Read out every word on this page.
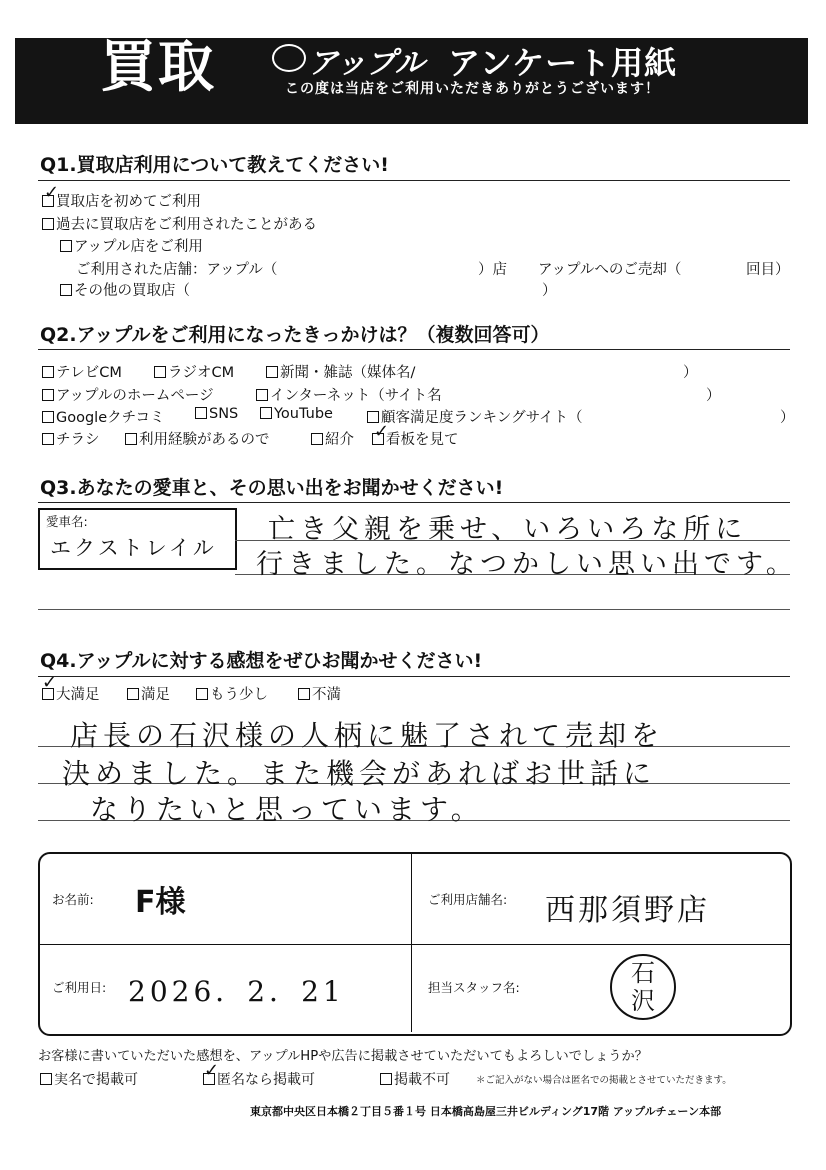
買取	アップル アンケート用紙
この度は当店をご利用いただきありがとうございます！
Q1.買取店利用について教えてください!
買取店を初めてご利用
✓
過去に買取店をご利用されたことがある
アップル店をご利用
ご利用された店舗：アップル（	）店 アップルへのご売却（	回目）
その他の買取店（	）
Q2.アップルをご利用になったきっかけは？（複数回答可）
テレビCM	ラジオCM	新聞・雑誌（媒体名/	）
アップルのホームページ	インターネット（サイト名	）
Googleクチコミ	SNS	YouTube	顧客満足度ランキングサイト（	）
チラシ	利用経験があるので	紹介	看板を見て
✓
Q3.あなたの愛車と、その思い出をお聞かせください!
愛車名:
エクストレイル
亡き父親を乗せ、いろいろな所に
行きました。なつかしい思い出です。
Q4.アップルに対する感想をぜひお聞かせください!
大満足
✓
満足	もう少し	不満
店長の石沢様の人柄に魅了されて売却を
決めました。また機会があればお世話に
なりたいと思っています。
お名前: F様	ご利用店舗名: 西那須野店
ご利用日: 2026．2．21	担当スタッフ名:
石沢
お客様に書いていただいた感想を、アップルHPや広告に掲載させていただいてもよろしいでしょうか？
実名で掲載可	匿名なら掲載可
✓	掲載不可	＊ご記入がない場合は匿名での掲載とさせていただきます。
東京都中央区日本橋２丁目５番１号 日本橋高島屋三井ビルディング17階 アップルチェーン本部
